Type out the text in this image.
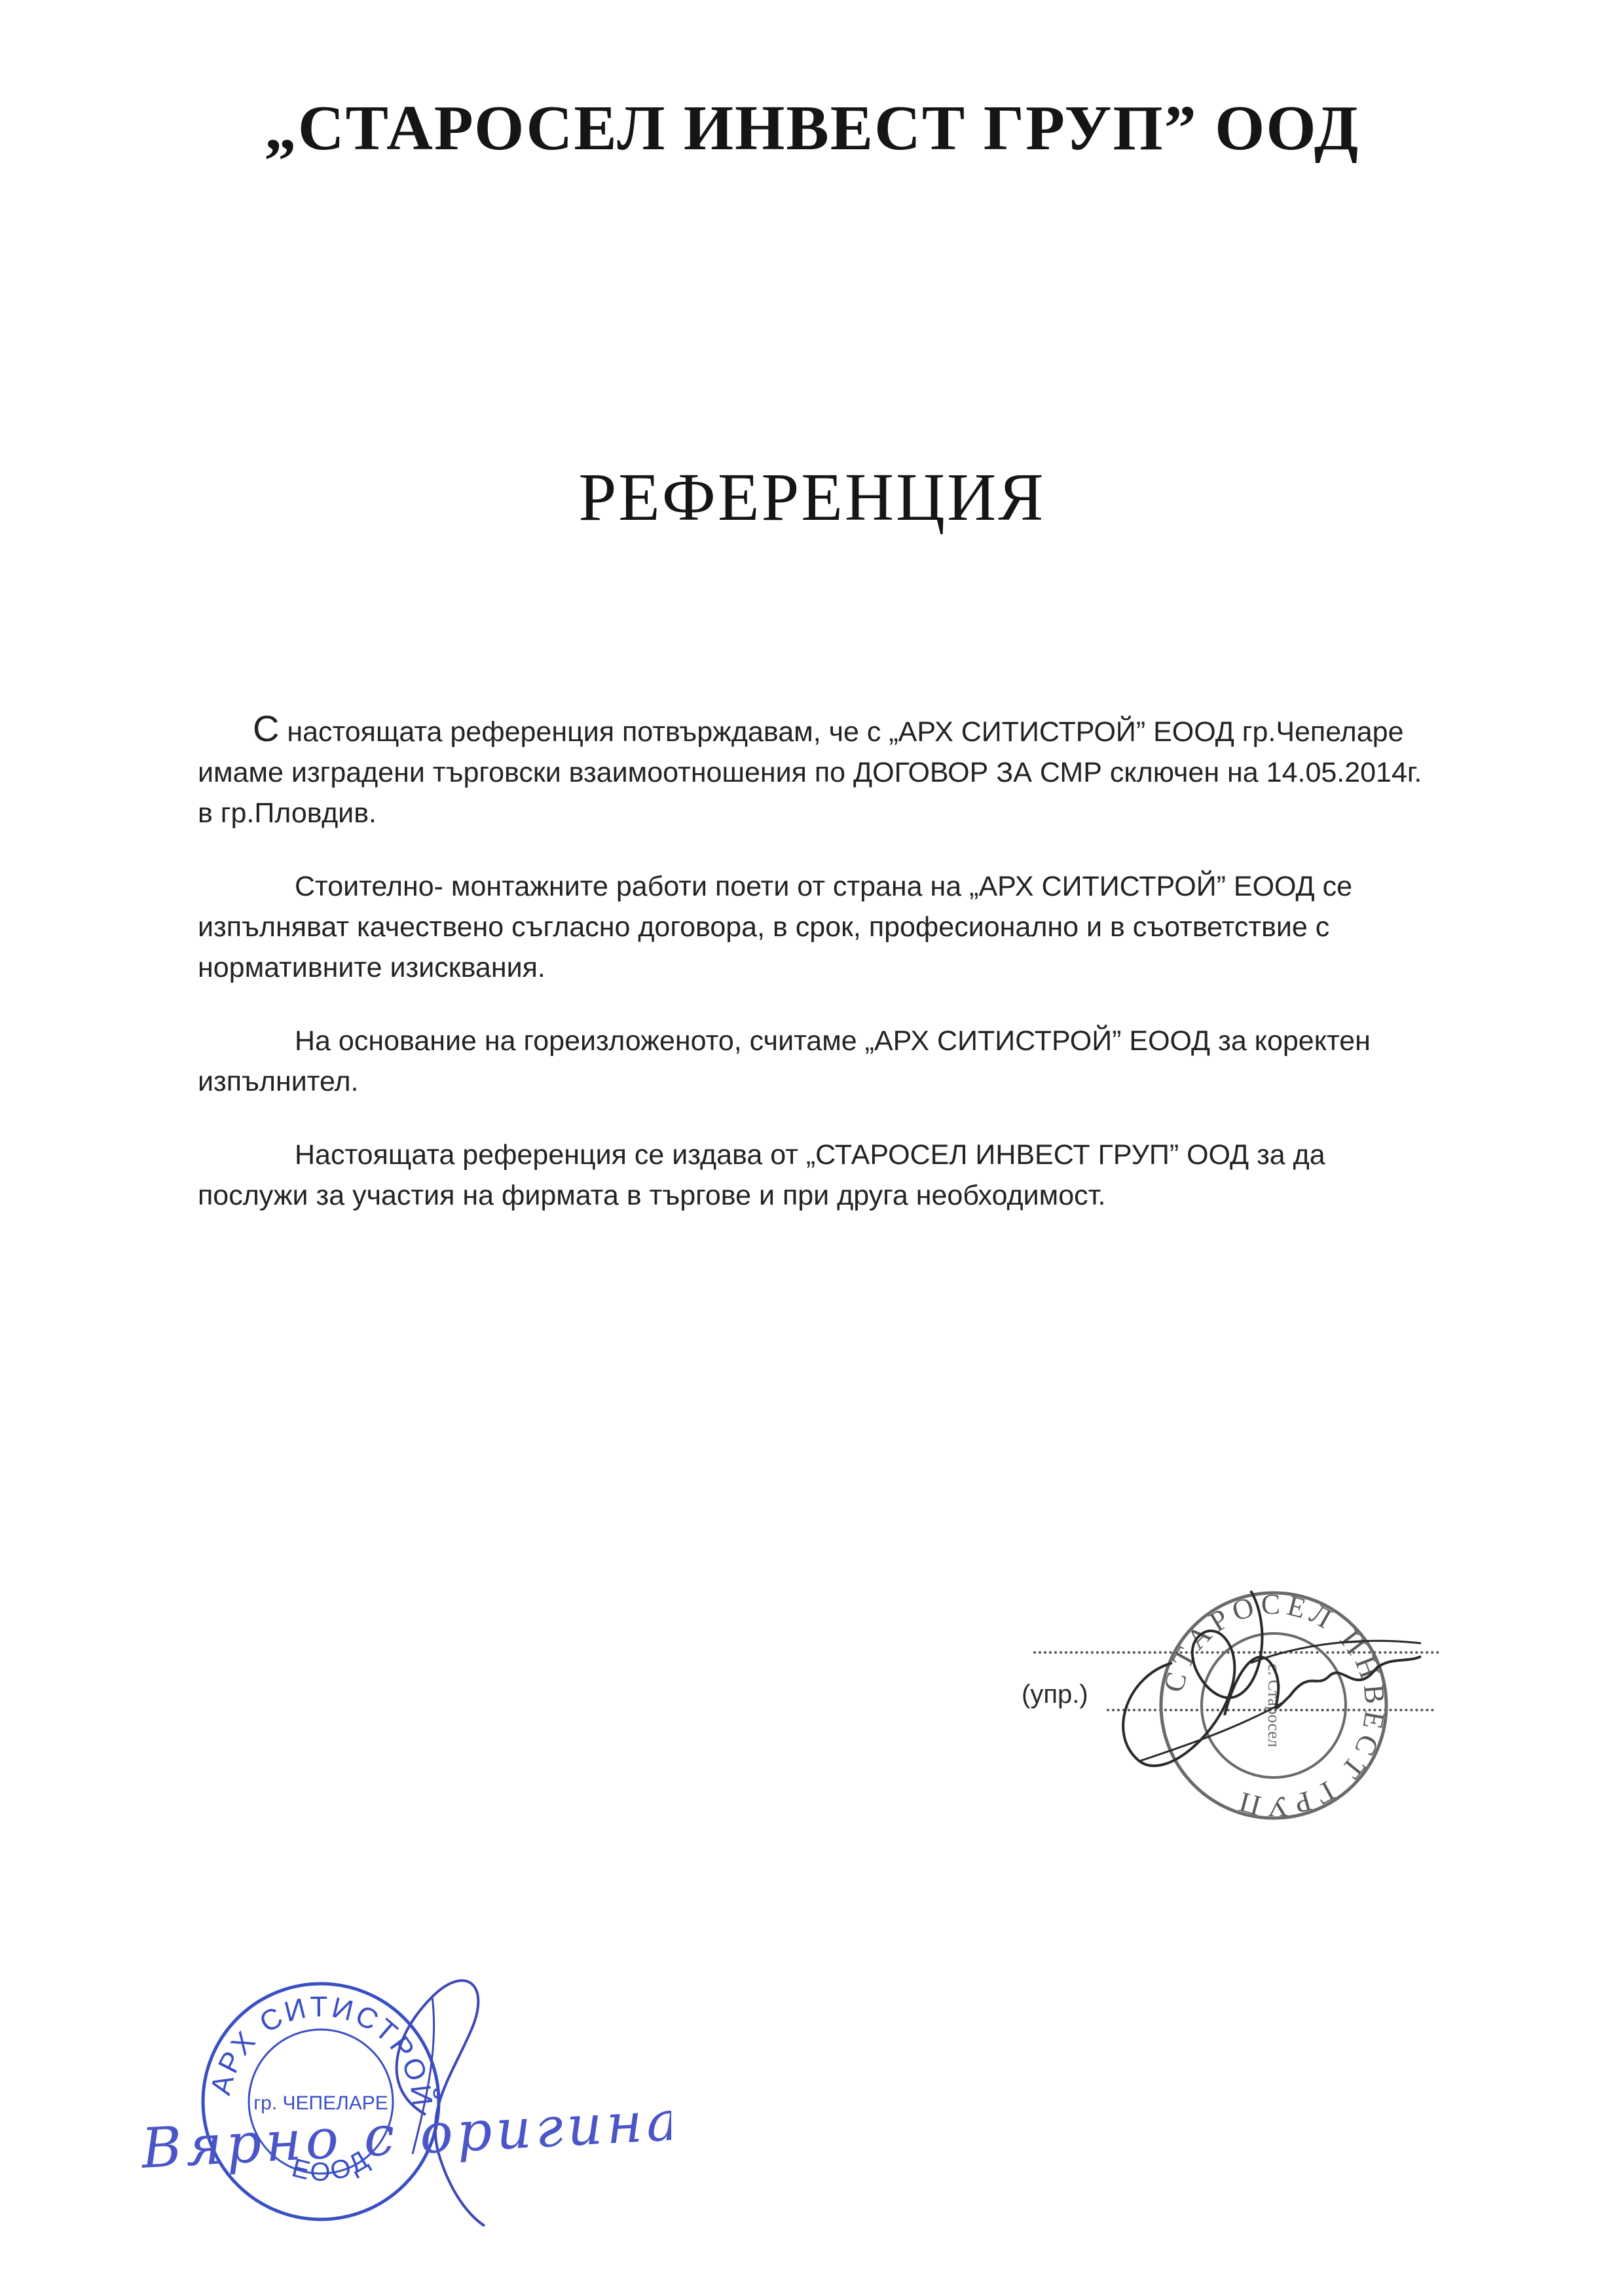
„СТАРОСЕЛ ИНВЕСТ ГРУП” ООД
РЕФЕРЕНЦИЯ

С настоящата референция потвърждавам, че с „АРХ СИТИСТРОЙ” ЕООД гр.Чепеларе имаме изградени търговски взаимоотношения по ДОГОВОР ЗА СМР сключен на 14.05.2014г. в гр.Пловдив.

Стоително- монтажните работи поети от страна на „АРХ СИТИСТРОЙ” ЕООД се изпълняват качествено съгласно договора, в срок, професионално и в съответствие с нормативните изисквания.

На основание на гореизложеното, считаме „АРХ СИТИСТРОЙ” ЕООД за коректен изпълнител.

Настоящата референция се издава от „СТАРОСЕЛ ИНВЕСТ ГРУП” ООД за да послужи за участия на фирмата в търгове и при друга необходимост.

(упр.) СТАРОСЕЛ ИНВЕСТ ГРУП
с. Старосел
АРХ СИТИСТРОЙ
гр. ЧЕПЕЛАРЕ
ЕООД
Вярно с оригинала!
